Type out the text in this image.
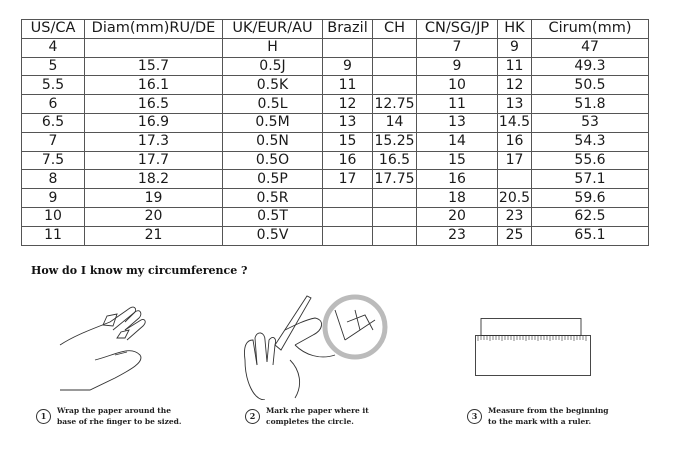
US/CA	Diam(mm)RU/DE	UK/EUR/AU	Brazil	CH	CN/SG/JP	HK	Cirum(mm)
4		H			7	9	47
5	15.7	0.5J	9		9	11	49.3
5.5	16.1	0.5K	11		10	12	50.5
6	16.5	0.5L	12	12.75	11	13	51.8
6.5	16.9	0.5M	13	14	13	14.5	53
7	17.3	0.5N	15	15.25	14	16	54.3
7.5	17.7	0.5O	16	16.5	15	17	55.6
8	18.2	0.5P	17	17.75	16		57.1
9	19	0.5R			18	20.5	59.6
10	20	0.5T			20	23	62.5
11	21	0.5V			23	25	65.1
How do I know my circumference ?
1	Wrap the paper around the
base of rhe finger to be sized.
2	Mark rhe paper where it
completes the circle.
3	Measure from the beginning
to the mark with a ruler.
